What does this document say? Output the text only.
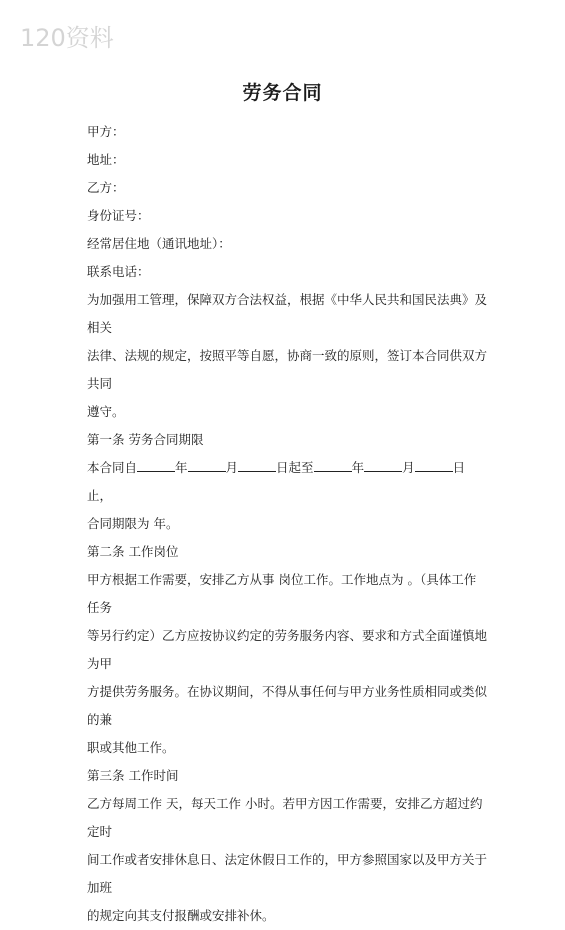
120资料
劳务合同

甲方：

地址：

乙方：

身份证号：

经常居住地（通讯地址）：

联系电话：

为加强用工管理，保障双方合法权益，根据《中华人民共和国民法典》及相关

法律、法规的规定，按照平等自愿，协商一致的原则，签订本合同供双方共同

遵守。

第一条 劳务合同期限

本合同自	年	月	日起至	年	月	日止，

合同期限为 年。

第二条 工作岗位

甲方根据工作需要，安排乙方从事 岗位工作。工作地点为 。（具体工作任务

等另行约定）乙方应按协议约定的劳务服务内容、要求和方式全面谨慎地为甲

方提供劳务服务。在协议期间，不得从事任何与甲方业务性质相同或类似的兼

职或其他工作。

第三条 工作时间

乙方每周工作 天，每天工作 小时。若甲方因工作需要，安排乙方超过约定时

间工作或者安排休息日、法定休假日工作的，甲方参照国家以及甲方关于加班

的规定向其支付报酬或安排补休。
